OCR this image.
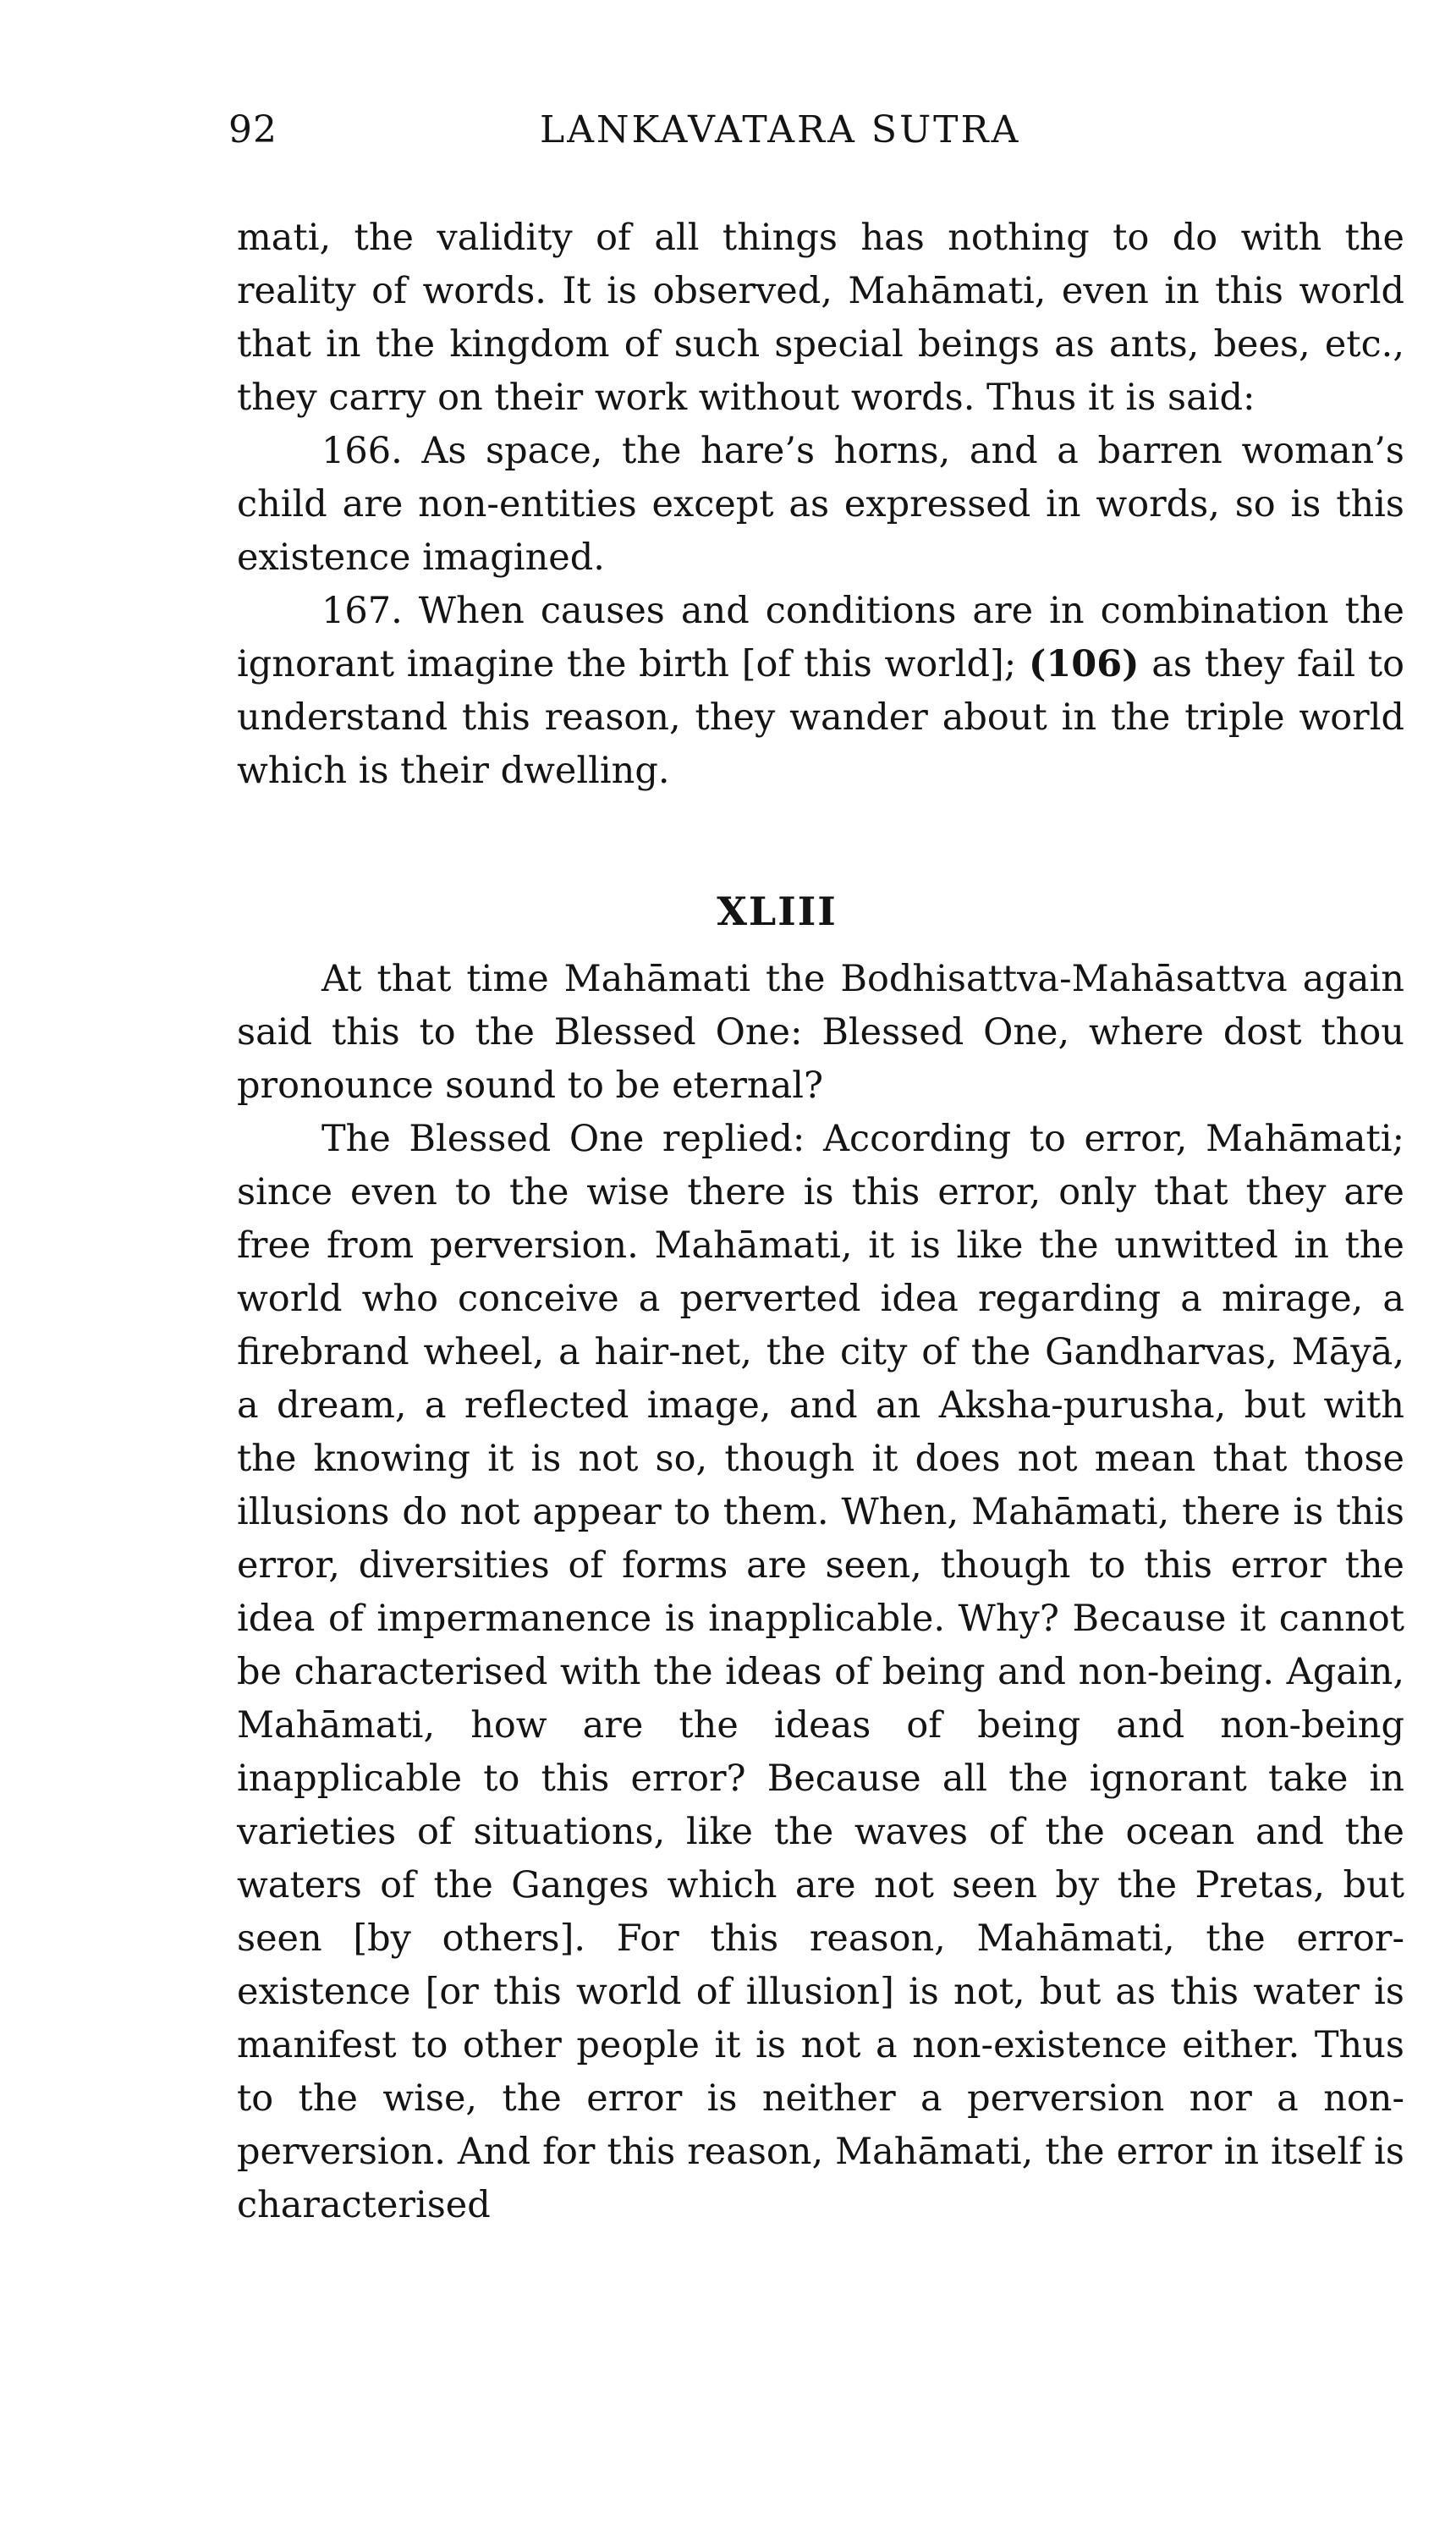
92	LANKAVATARA SUTRA

mati, the validity of all things has nothing to do with the reality of words. It is observed, Mahāmati, even in this world that in the kingdom of such special beings as ants, bees, etc., they carry on their work without words. Thus it is said:

166. As space, the hare’s horns, and a barren woman’s child are non-entities except as expressed in words, so is this existence imagined.

167. When causes and conditions are in combination the ignorant imagine the birth [of this world]; (106) as they fail to understand this reason, they wander about in the triple world which is their dwelling.

XLIII

At that time Mahāmati the Bodhisattva-Mahāsattva again said this to the Blessed One: Blessed One, where dost thou pronounce sound to be eternal?

The Blessed One replied: According to error, Mahāmati; since even to the wise there is this error, only that they are free from perversion. Mahāmati, it is like the unwitted in the world who conceive a perverted idea regarding a mirage, a firebrand wheel, a hair-net, the city of the Gandharvas, Māyā, a dream, a reflected image, and an Aksha-purusha, but with the knowing it is not so, though it does not mean that those illusions do not appear to them. When, Mahāmati, there is this error, diversities of forms are seen, though to this error the idea of impermanence is inapplicable. Why? Because it cannot be characterised with the ideas of being and non-being. Again, Mahāmati, how are the ideas of being and non-being inapplicable to this error? Because all the ignorant take in varieties of situations, like the waves of the ocean and the waters of the Ganges which are not seen by the Pretas, but seen [by others]. For this reason, Mahāmati, the error-existence [or this world of illusion] is not, but as this water is manifest to other people it is not a non-existence either. Thus to the wise, the error is neither a perversion nor a non-perversion. And for this reason, Mahāmati, the error in itself is characterised
